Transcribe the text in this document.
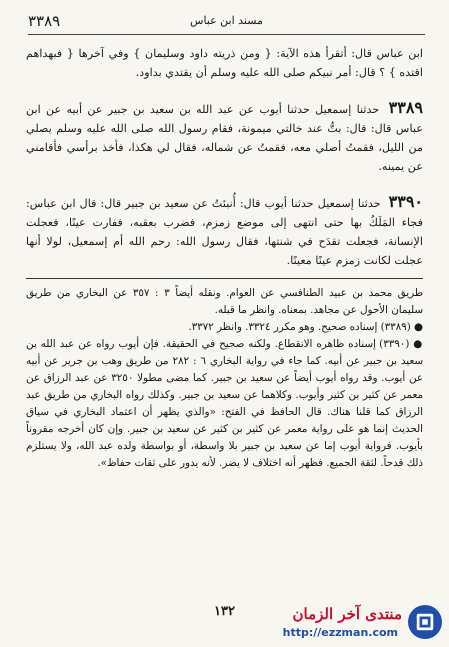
٣٣٨٩	مسند ابن عباس

ابن عباس قال: أتقرأ هذه الآية: { ومن ذريته داود وسليمان } وفي آخرها { فبهداهم اقتده } ؟ قال: أمر نبيكم صلى الله عليه وسلم أن يقتدي بداود.

٣٣٨٩ حدثنا إسمعيل حدثنا أيوب عن عبد الله بن سعيد بن جبير عن أبيه عن ابن عباس قال: قال: بتُّ عند خالتي ميمونة، فقام رسول الله صلى الله عليه وسلم يصلي من الليل، فقمتُ أصلي معه، فقمتُ عن شماله، فقال لي هكذا، فأخذ برأسي فأقامني عن يمينه.

٣٣٩٠ حدثنا إسمعيل حدثنا أيوب قال: أُنبئتُ عن سعيد بن جبير قال: قال ابن عباس: فجاء المَلَكُ بها حتى انتهى إلى موضع زمزم، فضرب بعقبه، ففارت عينًا، فعجلت الإنسانة، فجعلت تقدَح في شنتها، فقال رسول الله: رحم الله أم إسمعيل، لولا أنها عجلت لكانت زمزم عينًا معينًا.

طريق محمد بن عبيد الطنافسي عن العوام. ونقله أيضاً ٣ : ٣٥٧ عن البخاري من طريق سليمان الأحول عن مجاهد. بمعناه. وانظر ما قبله.

● (٣٣٨٩) إسناده صحيح. وهو مكرر ٣٣٢٤. وانظر ٣٣٧٢.

● (٣٣٩٠) إسناده ظاهره الانقطاع. ولكنه صحيح في الحقيقة. فإن أيوب رواه عن عبد الله بن سعيد بن جبير عن أبيه. كما جاء في رواية البخاري ٦ : ٢٨٢ من طريق وهب بن جرير عن أبيه عن أيوب. وقد رواه أيوب أيضاً عن سعيد بن جبير. كما مضى مطولا ٣٢٥٠ عن عبد الرزاق عن معمر عن كثير بن كثير وأيوب. وكلاهما عن سعيد بن جبير. وكذلك رواه البخاري من طريق عبد الرزاق كما قلنا هناك. قال الحافظ في الفتح: «والذي يظهر أن اعتماد البخاري في سياق الحديث إنما هو على رواية معمر عن كثير بن كثير عن سعيد بن جبير. وإن كان أخرجه مقروناً بأيوب. فرواية أيوب إما عن سعيد بن جبير بلا واسطة، أو بواسطة ولده عبد الله، ولا يستلزم ذلك قدحاً. لثقة الجميع. فظهر أنه اختلاف لا يضر. لأنه يدور على ثقات حفاظ».

١٣٢	منتدى آخر الزمان
http://ezzman.com
